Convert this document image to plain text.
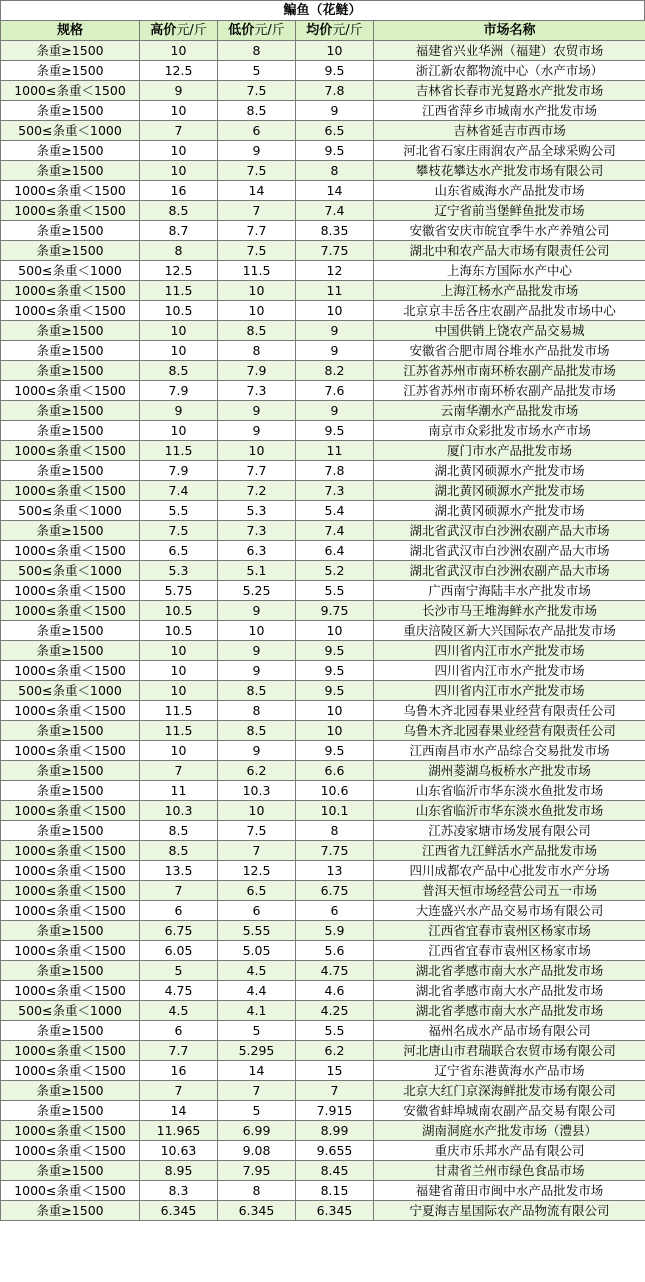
鳊鱼（花鲢）
规格	高价元/斤	低价元/斤	均价元/斤	市场名称
条重≥1500	10	8	10	福建省兴业华洲（福建）农贸市场
条重≥1500	12.5	5	9.5	浙江新农都物流中心（水产市场）
1000≤条重＜1500	9	7.5	7.8	吉林省长春市光复路水产批发市场
条重≥1500	10	8.5	9	江西省萍乡市城南水产批发市场
500≤条重＜1000	7	6	6.5	吉林省延吉市西市场
条重≥1500	10	9	9.5	河北省石家庄雨润农产品全球采购公司
条重≥1500	10	7.5	8	攀枝花攀达水产批发市场有限公司
1000≤条重＜1500	16	14	14	山东省威海水产品批发市场
1000≤条重＜1500	8.5	7	7.4	辽宁省前当堡鲜鱼批发市场
条重≥1500	8.7	7.7	8.35	安徽省安庆市皖宜季牛水产养殖公司
条重≥1500	8	7.5	7.75	湖北中和农产品大市场有限责任公司
500≤条重＜1000	12.5	11.5	12	上海东方国际水产中心
1000≤条重＜1500	11.5	10	11	上海江杨水产品批发市场
1000≤条重＜1500	10.5	10	10	北京京丰岳各庄农副产品批发市场中心
条重≥1500	10	8.5	9	中国供销上饶农产品交易城
条重≥1500	10	8	9	安徽省合肥市周谷堆水产品批发市场
条重≥1500	8.5	7.9	8.2	江苏省苏州市南环桥农副产品批发市场
1000≤条重＜1500	7.9	7.3	7.6	江苏省苏州市南环桥农副产品批发市场
条重≥1500	9	9	9	云南华潮水产品批发市场
条重≥1500	10	9	9.5	南京市众彩批发市场水产市场
1000≤条重＜1500	11.5	10	11	厦门市水产品批发市场
条重≥1500	7.9	7.7	7.8	湖北黄冈硕源水产批发市场
1000≤条重＜1500	7.4	7.2	7.3	湖北黄冈硕源水产批发市场
500≤条重＜1000	5.5	5.3	5.4	湖北黄冈硕源水产批发市场
条重≥1500	7.5	7.3	7.4	湖北省武汉市白沙洲农副产品大市场
1000≤条重＜1500	6.5	6.3	6.4	湖北省武汉市白沙洲农副产品大市场
500≤条重＜1000	5.3	5.1	5.2	湖北省武汉市白沙洲农副产品大市场
1000≤条重＜1500	5.75	5.25	5.5	广西南宁海陆丰水产批发市场
1000≤条重＜1500	10.5	9	9.75	长沙市马王堆海鲜水产批发市场
条重≥1500	10.5	10	10	重庆涪陵区新大兴国际农产品批发市场
条重≥1500	10	9	9.5	四川省内江市水产批发市场
1000≤条重＜1500	10	9	9.5	四川省内江市水产批发市场
500≤条重＜1000	10	8.5	9.5	四川省内江市水产批发市场
1000≤条重＜1500	11.5	8	10	乌鲁木齐北园春果业经营有限责任公司
条重≥1500	11.5	8.5	10	乌鲁木齐北园春果业经营有限责任公司
1000≤条重＜1500	10	9	9.5	江西南昌市水产品综合交易批发市场
条重≥1500	7	6.2	6.6	湖州菱湖乌板桥水产批发市场
条重≥1500	11	10.3	10.6	山东省临沂市华东淡水鱼批发市场
1000≤条重＜1500	10.3	10	10.1	山东省临沂市华东淡水鱼批发市场
条重≥1500	8.5	7.5	8	江苏凌家塘市场发展有限公司
1000≤条重＜1500	8.5	7	7.75	江西省九江鲜活水产品批发市场
1000≤条重＜1500	13.5	12.5	13	四川成都农产品中心批发市水产分场
1000≤条重＜1500	7	6.5	6.75	普洱天恒市场经营公司五一市场
1000≤条重＜1500	6	6	6	大连盛兴水产品交易市场有限公司
条重≥1500	6.75	5.55	5.9	江西省宜春市袁州区杨家市场
1000≤条重＜1500	6.05	5.05	5.6	江西省宜春市袁州区杨家市场
条重≥1500	5	4.5	4.75	湖北省孝感市南大水产品批发市场
1000≤条重＜1500	4.75	4.4	4.6	湖北省孝感市南大水产品批发市场
500≤条重＜1000	4.5	4.1	4.25	湖北省孝感市南大水产品批发市场
条重≥1500	6	5	5.5	福州名成水产品市场有限公司
1000≤条重＜1500	7.7	5.295	6.2	河北唐山市君瑞联合农贸市场有限公司
1000≤条重＜1500	16	14	15	辽宁省东港黄海水产品市场
条重≥1500	7	7	7	北京大红门京深海鲜批发市场有限公司
条重≥1500	14	5	7.915	安徽省蚌埠城南农副产品交易有限公司
1000≤条重＜1500	11.965	6.99	8.99	湖南洞庭水产批发市场（澧县）
1000≤条重＜1500	10.63	9.08	9.655	重庆市乐邦水产品有限公司
条重≥1500	8.95	7.95	8.45	甘肃省兰州市绿色食品市场
1000≤条重＜1500	8.3	8	8.15	福建省莆田市闽中水产品批发市场
条重≥1500	6.345	6.345	6.345	宁夏海吉星国际农产品物流有限公司
